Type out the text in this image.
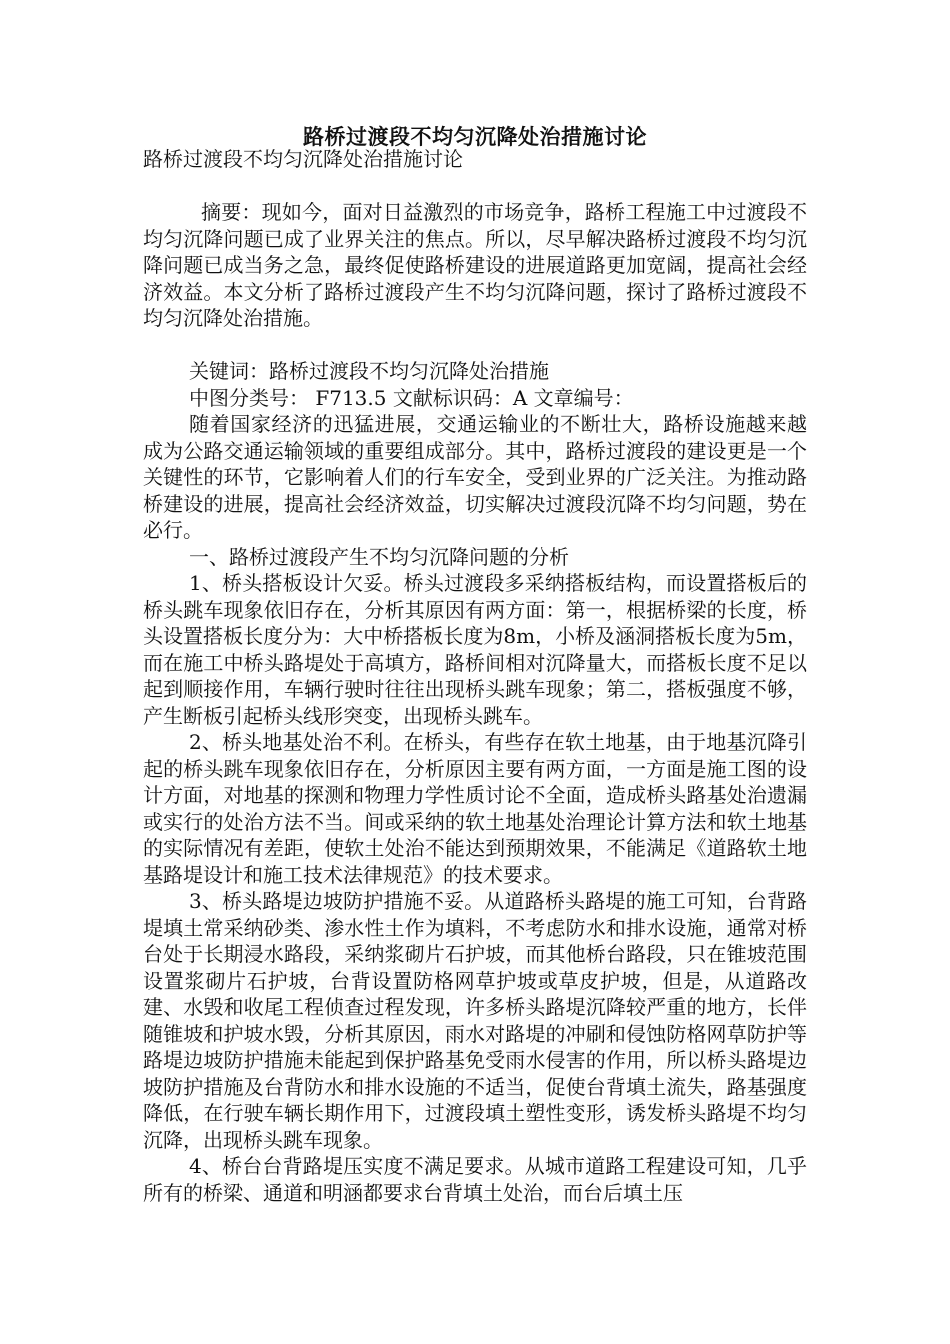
路桥过渡段不均匀沉降处治措施讨论

路桥过渡段不均匀沉降处治措施讨论

摘要：现如今，面对日益激烈的市场竞争，路桥工程施工中过渡段不均匀沉降问题已成了业界关注的焦点。所以，尽早解决路桥过渡段不均匀沉降问题已成当务之急，最终促使路桥建设的进展道路更加宽阔，提高社会经济效益。本文分析了路桥过渡段产生不均匀沉降问题，探讨了路桥过渡段不均匀沉降处治措施。

关键词：路桥过渡段不均匀沉降处治措施

中图分类号： F713.5 文献标识码：A 文章编号：

随着国家经济的迅猛进展，交通运输业的不断壮大，路桥设施越来越成为公路交通运输领域的重要组成部分。其中，路桥过渡段的建设更是一个关键性的环节，它影响着人们的行车安全，受到业界的广泛关注。为推动路桥建设的进展，提高社会经济效益，切实解决过渡段沉降不均匀问题，势在必行。

一、路桥过渡段产生不均匀沉降问题的分析

1、桥头搭板设计欠妥。桥头过渡段多采纳搭板结构，而设置搭板后的桥头跳车现象依旧存在，分析其原因有两方面：第一，根据桥梁的长度，桥头设置搭板长度分为：大中桥搭板长度为8m，小桥及涵洞搭板长度为5m，而在施工中桥头路堤处于高填方，路桥间相对沉降量大，而搭板长度不足以起到顺接作用，车辆行驶时往往出现桥头跳车现象；第二，搭板强度不够，产生断板引起桥头线形突变，出现桥头跳车。

2、桥头地基处治不利。在桥头，有些存在软土地基，由于地基沉降引起的桥头跳车现象依旧存在，分析原因主要有两方面，一方面是施工图的设计方面，对地基的探测和物理力学性质讨论不全面，造成桥头路基处治遗漏或实行的处治方法不当。间或采纳的软土地基处治理论计算方法和软土地基的实际情况有差距，使软土处治不能达到预期效果，不能满足《道路软土地基路堤设计和施工技术法律规范》的技术要求。

3、桥头路堤边坡防护措施不妥。从道路桥头路堤的施工可知，台背路堤填土常采纳砂类、渗水性土作为填料，不考虑防水和排水设施，通常对桥台处于长期浸水路段，采纳浆砌片石护坡，而其他桥台路段，只在锥坡范围设置浆砌片石护坡，台背设置防格网草护坡或草皮护坡，但是，从道路改建、水毁和收尾工程侦查过程发现，许多桥头路堤沉降较严重的地方，长伴随锥坡和护坡水毁，分析其原因，雨水对路堤的冲刷和侵蚀防格网草防护等路堤边坡防护措施未能起到保护路基免受雨水侵害的作用，所以桥头路堤边坡防护措施及台背防水和排水设施的不适当，促使台背填土流失，路基强度降低，在行驶车辆长期作用下，过渡段填土塑性变形，诱发桥头路堤不均匀沉降，出现桥头跳车现象。

4、桥台台背路堤压实度不满足要求。从城市道路工程建设可知，几乎所有的桥梁、通道和明涵都要求台背填土处治，而台后填土压
